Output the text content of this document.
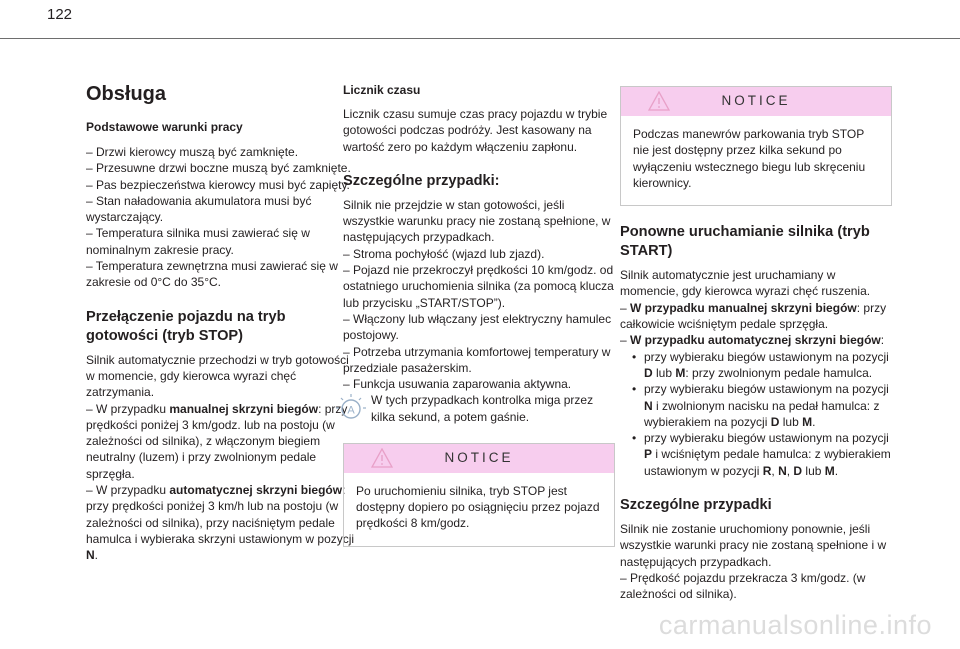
122
Obsługa
Podstawowe warunki pracy

– Drzwi kierowcy muszą być zamknięte.

– Przesuwne drzwi boczne muszą być zamknięte.

– Pas bezpieczeństwa kierowcy musi być zapięty.

– Stan naładowania akumulatora musi być wystarczający.

– Temperatura silnika musi zawierać się w nominalnym zakresie pracy.

– Temperatura zewnętrzna musi zawierać się w zakresie od 0°C do 35°C.

Przełączenie pojazdu na tryb gotowości (tryb STOP)

Silnik automatycznie przechodzi w tryb gotowości w momencie, gdy kierowca wyrazi chęć zatrzymania.

– W przypadku manualnej skrzyni biegów: przy prędkości poniżej 3 km/godz. lub na postoju (w zależności od silnika), z włączonym biegiem neutralny (luzem) i przy zwolnionym pedale sprzęgła.

– W przypadku automatycznej skrzyni biegów: przy prędkości poniżej 3 km/h lub na postoju (w zależności od silnika), przy naciśniętym pedale hamulca i wybieraka skrzyni ustawionym w pozycji N.

Licznik czasu

Licznik czasu sumuje czas pracy pojazdu w trybie gotowości podczas podróży. Jest kasowany na wartość zero po każdym włączeniu zapłonu.

Szczególne przypadki:

Silnik nie przejdzie w stan gotowości, jeśli wszystkie warunku pracy nie zostaną spełnione, w następujących przypadkach.

– Stroma pochyłość (wjazd lub zjazd).

– Pojazd nie przekroczył prędkości 10 km/godz. od ostatniego uruchomienia silnika (za pomocą klucza lub przycisku „START/STOP”).

– Włączony lub włączany jest elektryczny hamulec postojowy.

– Potrzeba utrzymania komfortowej temperatury w przedziale pasażerskim.

– Funkcja usuwania zaparowania aktywna.

A
W tych przypadkach kontrolka miga przez kilka sekund, a potem gaśnie.
NOTICE
Po uruchomieniu silnika, tryb STOP jest dostępny dopiero po osiągnięciu przez pojazd prędkości 8 km/godz.
NOTICE
Podczas manewrów parkowania tryb STOP nie jest dostępny przez kilka sekund po wyłączeniu wstecznego biegu lub skręceniu kierownicy.
Ponowne uruchamianie silnika (tryb START)

Silnik automatycznie jest uruchamiany w momencie, gdy kierowca wyrazi chęć ruszenia.

– W przypadku manualnej skrzyni biegów: przy całkowicie wciśniętym pedale sprzęgła.

– W przypadku automatycznej skrzyni biegów:

• przy wybieraku biegów ustawionym na pozycji D lub M: przy zwolnionym pedale hamulca.
• przy wybieraku biegów ustawionym na pozycji N i zwolnionym nacisku na pedał hamulca: z wybierakiem na pozycji D lub M.
• przy wybieraku biegów ustawionym na pozycji P i wciśniętym pedale hamulca: z wybierakiem ustawionym w pozycji R, N, D lub M.
Szczególne przypadki

Silnik nie zostanie uruchomiony ponownie, jeśli wszystkie warunki pracy nie zostaną spełnione i w następujących przypadkach.

– Prędkość pojazdu przekracza 3 km/godz. (w zależności od silnika).

carmanualsonline.info
